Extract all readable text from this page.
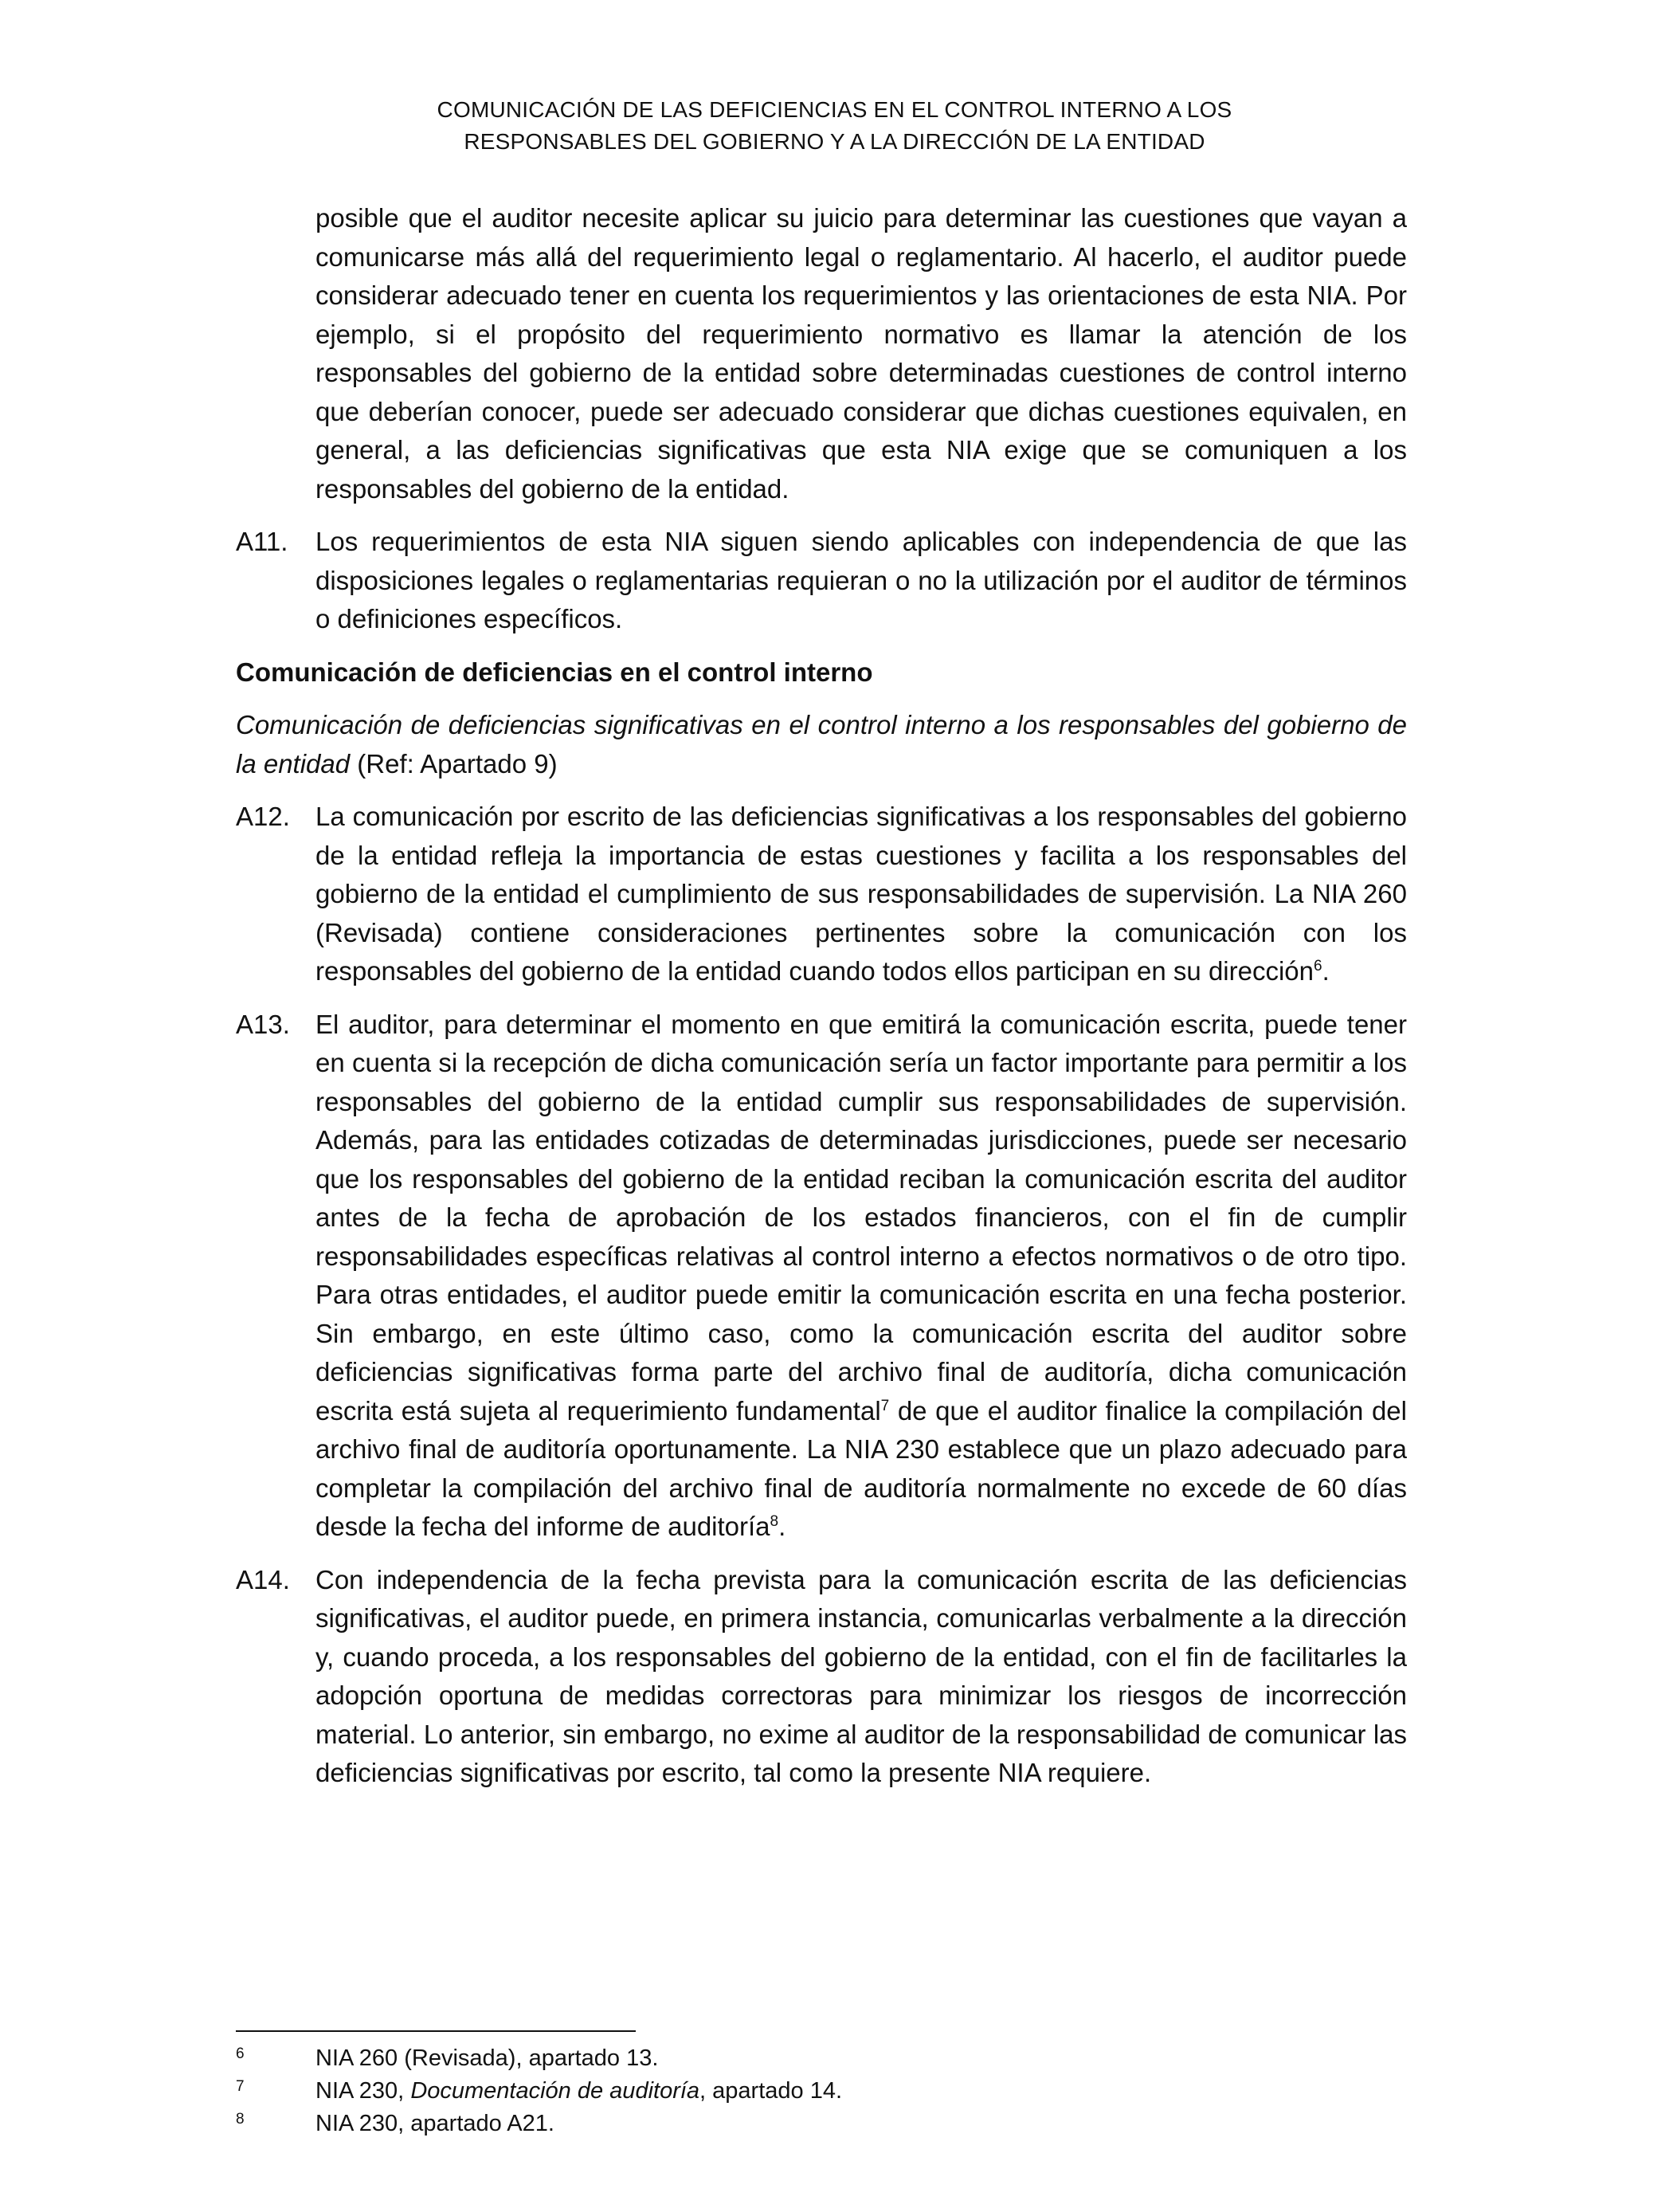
COMUNICACIÓN DE LAS DEFICIENCIAS EN EL CONTROL INTERNO A LOS
RESPONSABLES DEL GOBIERNO Y A LA DIRECCIÓN DE LA ENTIDAD

posible que el auditor necesite aplicar su juicio para determinar las cuestiones que vayan a comunicarse más allá del requerimiento legal o reglamentario. Al hacerlo, el auditor puede considerar adecuado tener en cuenta los requerimientos y las orientaciones de esta NIA. Por ejemplo, si el propósito del requerimiento normativo es llamar la atención de los responsables del gobierno de la entidad sobre determinadas cuestiones de control interno que deberían conocer, puede ser adecuado considerar que dichas cuestiones equivalen, en general, a las deficiencias significativas que esta NIA exige que se comuniquen a los responsables del gobierno de la entidad.

A11.	Los requerimientos de esta NIA siguen siendo aplicables con independencia de que las disposiciones legales o reglamentarias requieran o no la utilización por el auditor de términos o definiciones específicos.

Comunicación de deficiencias en el control interno

Comunicación de deficiencias significativas en el control interno a los responsables del gobierno de la entidad (Ref: Apartado 9)

A12. La comunicación por escrito de las deficiencias significativas a los responsables del gobierno de la entidad refleja la importancia de estas cuestiones y facilita a los responsables del gobierno de la entidad el cumplimiento de sus responsabilidades de supervisión. La NIA 260 (Revisada) contiene consideraciones pertinentes sobre la comunicación con los responsables del gobierno de la entidad cuando todos ellos participan en su dirección$^6$.

A13. El auditor, para determinar el momento en que emitirá la comunicación escrita, puede tener en cuenta si la recepción de dicha comunicación sería un factor importante para permitir a los responsables del gobierno de la entidad cumplir sus responsabilidades de supervisión. Además, para las entidades cotizadas de determinadas jurisdicciones, puede ser necesario que los responsables del gobierno de la entidad reciban la comunicación escrita del auditor antes de la fecha de aprobación de los estados financieros, con el fin de cumplir responsabilidades específicas relativas al control interno a efectos normativos o de otro tipo. Para otras entidades, el auditor puede emitir la comunicación escrita en una fecha posterior. Sin embargo, en este último caso, como la comunicación escrita del auditor sobre deficiencias significativas forma parte del archivo final de auditoría, dicha comunicación escrita está sujeta al requerimiento fundamental$^7$ de que el auditor finalice la compilación del archivo final de auditoría oportunamente. La NIA 230 establece que un plazo adecuado para completar la compilación del archivo final de auditoría normalmente no excede de 60 días desde la fecha del informe de auditoría$^8$.

A14. Con independencia de la fecha prevista para la comunicación escrita de las deficiencias significativas, el auditor puede, en primera instancia, comunicarlas verbalmente a la dirección y, cuando proceda, a los responsables del gobierno de la entidad, con el fin de facilitarles la adopción oportuna de medidas correctoras para minimizar los riesgos de incorrección material. Lo anterior, sin embargo, no exime al auditor de la responsabilidad de comunicar las deficiencias significativas por escrito, tal como la presente NIA requiere.

6	NIA 260 (Revisada), apartado 13.
7	NIA 230, Documentación de auditoría, apartado 14.
8	NIA 230, apartado A21.
